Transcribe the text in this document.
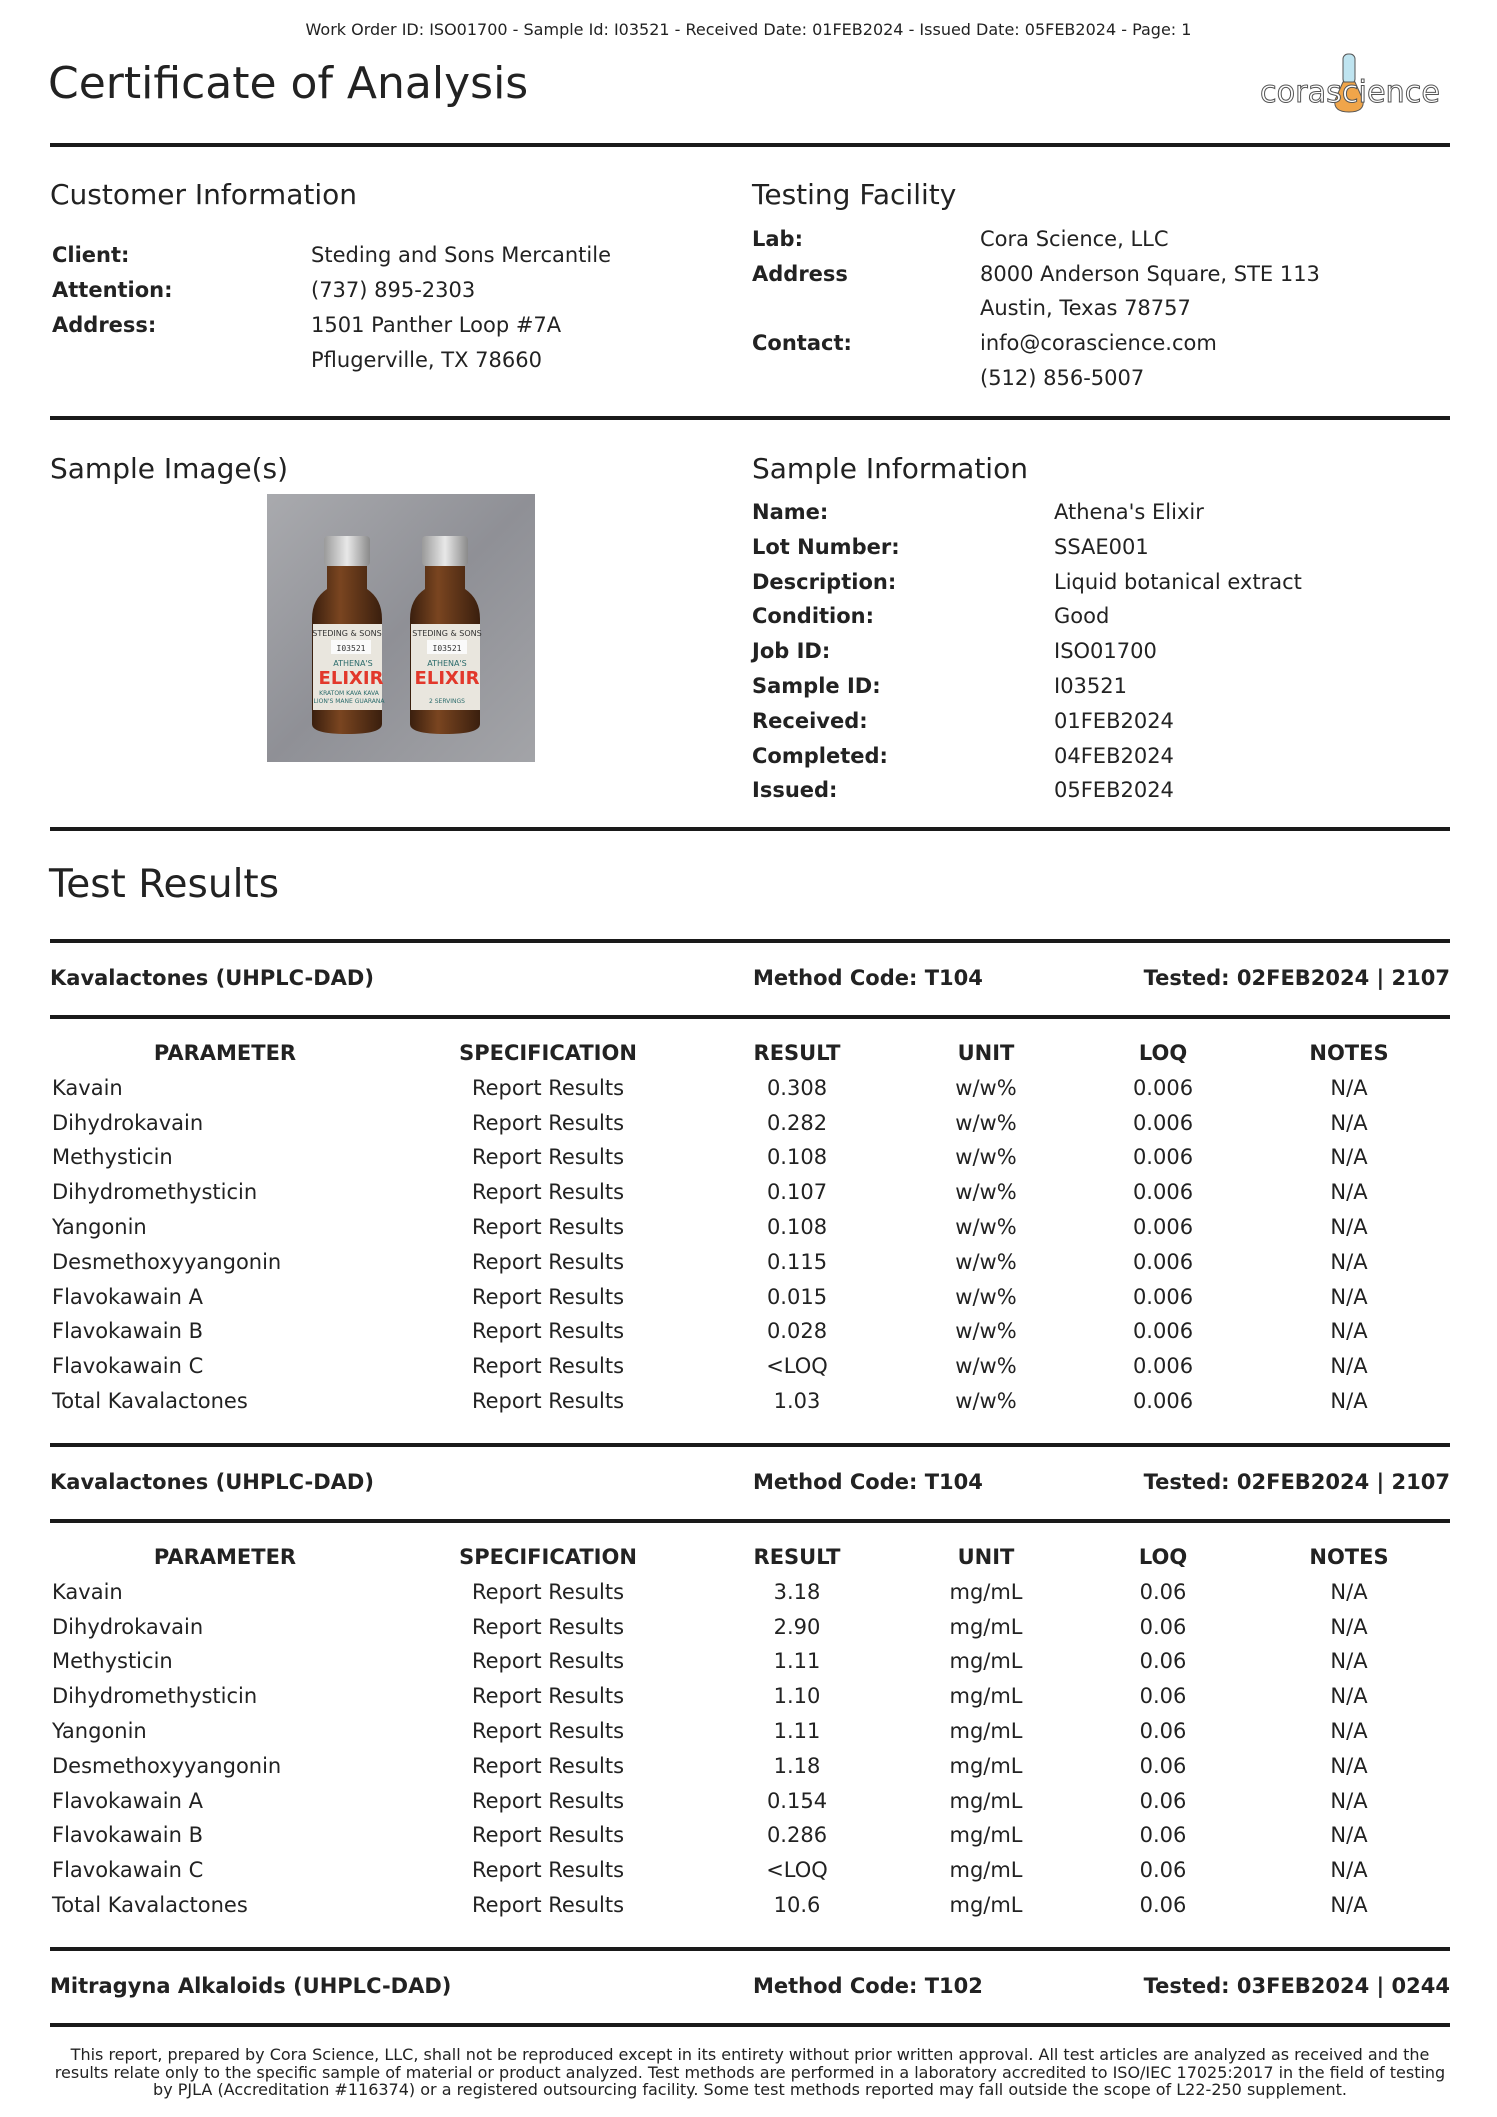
Work Order ID: ISO01700 - Sample Id: I03521 - Received Date: 01FEB2024 - Issued Date: 05FEB2024 - Page: 1
Certificate of Analysis	corascience
Customer Information
Client:	Steding and Sons Mercantile
Attention:	(737) 895-2303
Address:	1501 Panther Loop #7A
Pflugerville, TX 78660
Testing Facility
Lab:	Cora Science, LLC
Address	8000 Anderson Square, STE 113
Austin, Texas 78757
Contact:	info@corascience.com
(512) 856-5007
Sample Image(s)
STEDING & SONS
I03521
ATHENA'S
ELIXIR
KRATOM KAVA KAVA
LION'S MANE GUARANA
STEDING & SONS
I03521
ATHENA'S
ELIXIR
2 SERVINGS
Sample Information
Name:	Athena's Elixir
Lot Number:	SSAE001
Description:	Liquid botanical extract
Condition:	Good
Job ID:	ISO01700
Sample ID:	I03521
Received:	01FEB2024
Completed:	04FEB2024
Issued:	05FEB2024
Test Results
Kavalactones (UHPLC-DAD)	Method Code: T104	Tested: 02FEB2024 | 2107
PARAMETER	SPECIFICATION	RESULT	UNIT	LOQ	NOTES
Kavain	Report Results	0.308	w/w%	0.006	N/A
Dihydrokavain	Report Results	0.282	w/w%	0.006	N/A
Methysticin	Report Results	0.108	w/w%	0.006	N/A
Dihydromethysticin	Report Results	0.107	w/w%	0.006	N/A
Yangonin	Report Results	0.108	w/w%	0.006	N/A
Desmethoxyyangonin	Report Results	0.115	w/w%	0.006	N/A
Flavokawain A	Report Results	0.015	w/w%	0.006	N/A
Flavokawain B	Report Results	0.028	w/w%	0.006	N/A
Flavokawain C	Report Results	<LOQ	w/w%	0.006	N/A
Total Kavalactones	Report Results	1.03	w/w%	0.006	N/A
Kavalactones (UHPLC-DAD)	Method Code: T104	Tested: 02FEB2024 | 2107
PARAMETER	SPECIFICATION	RESULT	UNIT	LOQ	NOTES
Kavain	Report Results	3.18	mg/mL	0.06	N/A
Dihydrokavain	Report Results	2.90	mg/mL	0.06	N/A
Methysticin	Report Results	1.11	mg/mL	0.06	N/A
Dihydromethysticin	Report Results	1.10	mg/mL	0.06	N/A
Yangonin	Report Results	1.11	mg/mL	0.06	N/A
Desmethoxyyangonin	Report Results	1.18	mg/mL	0.06	N/A
Flavokawain A	Report Results	0.154	mg/mL	0.06	N/A
Flavokawain B	Report Results	0.286	mg/mL	0.06	N/A
Flavokawain C	Report Results	<LOQ	mg/mL	0.06	N/A
Total Kavalactones	Report Results	10.6	mg/mL	0.06	N/A
Mitragyna Alkaloids (UHPLC-DAD)	Method Code: T102	Tested: 03FEB2024 | 0244
This report, prepared by Cora Science, LLC, shall not be reproduced except in its entirety without prior written approval. All test articles are analyzed as received and the results relate only to the specific sample of material or product analyzed. Test methods are performed in a laboratory accredited to ISO/IEC 17025:2017 in the field of testing by PJLA (Accreditation #116374) or a registered outsourcing facility. Some test methods reported may fall outside the scope of L22-250 supplement.
